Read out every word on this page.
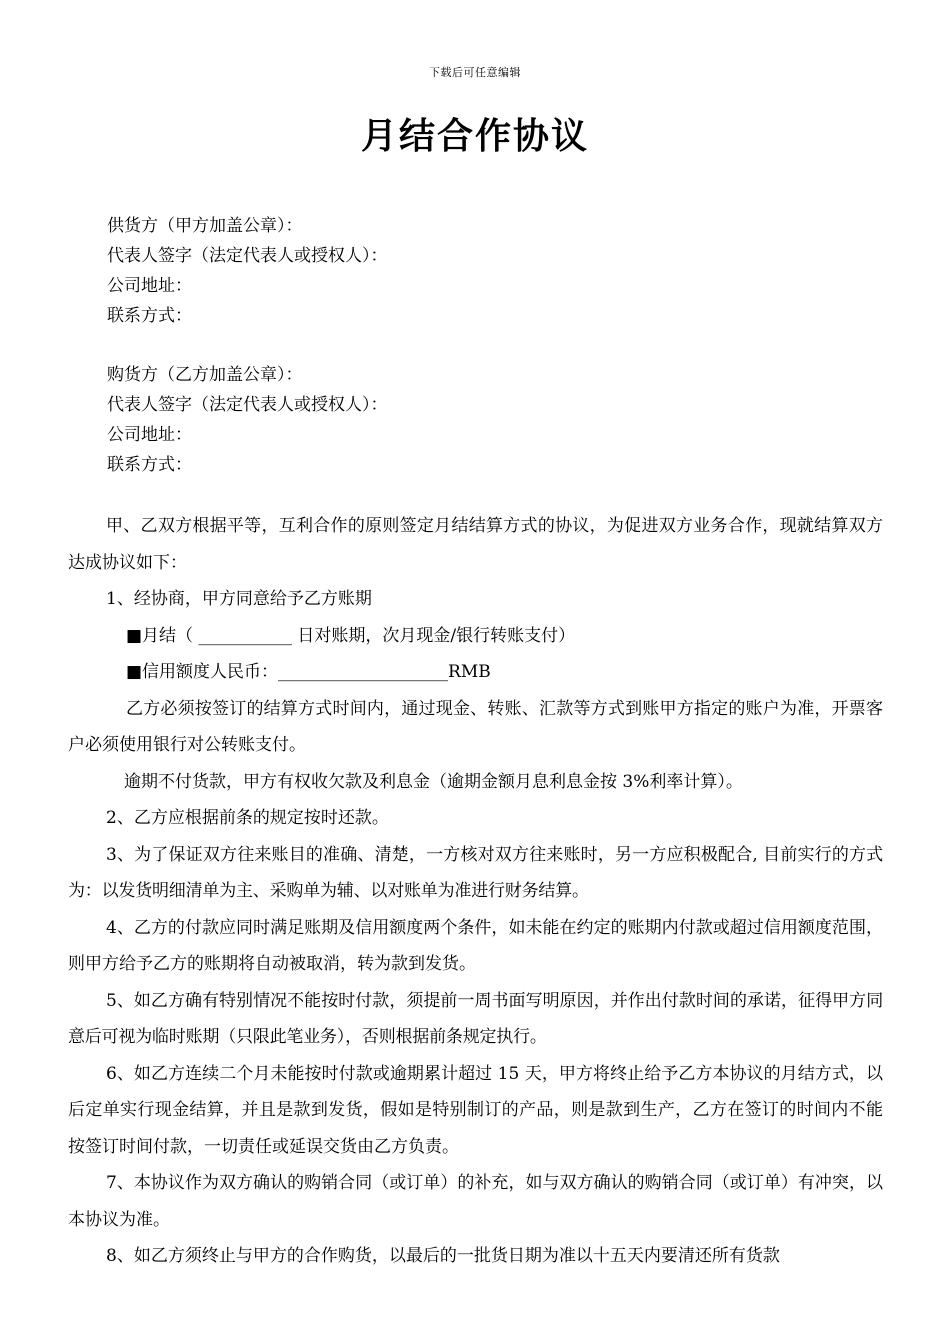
下载后可任意编辑
月结合作协议
供货方（甲方加盖公章）：
代表人签字（法定代表人或授权人）：
公司地址：
联系方式：
购货方（乙方加盖公章）：
代表人签字（法定代表人或授权人）：
公司地址：
联系方式：

甲、乙双方根据平等，互利合作的原则签定月结结算方式的协议，为促进双方业务合作，现就结算双方达成协议如下：

1、经协商，甲方同意给予乙方账期

■月结（ ___________ 日对账期，次月现金/银行转账支付）

■信用额度人民币：____________________RMB

乙方必须按签订的结算方式时间内，通过现金、转账、汇款等方式到账甲方指定的账户为准，开票客户必须使用银行对公转账支付。

逾期不付货款，甲方有权收欠款及利息金（逾期金额月息利息金按 3%利率计算）。

2、乙方应根据前条的规定按时还款。

3、为了保证双方往来账目的准确、清楚，一方核对双方往来账时，另一方应积极配合, 目前实行的方式为：以发货明细清单为主、采购单为辅、以对账单为准进行财务结算。

4、乙方的付款应同时满足账期及信用额度两个条件，如未能在约定的账期内付款或超过信用额度范围，则甲方给予乙方的账期将自动被取消，转为款到发货。

5、如乙方确有特别情况不能按时付款，须提前一周书面写明原因，并作出付款时间的承诺，征得甲方同意后可视为临时账期（只限此笔业务），否则根据前条规定执行。

6、如乙方连续二个月未能按时付款或逾期累计超过 15 天，甲方将终止给予乙方本协议的月结方式，以后定单实行现金结算，并且是款到发货，假如是特别制订的产品，则是款到生产，乙方在签订的时间内不能按签订时间付款，一切责任或延误交货由乙方负责。

7、本协议作为双方确认的购销合同（或订单）的补充，如与双方确认的购销合同（或订单）有冲突，以本协议为准。

8、如乙方须终止与甲方的合作购货，以最后的一批货日期为准以十五天内要清还所有货款
